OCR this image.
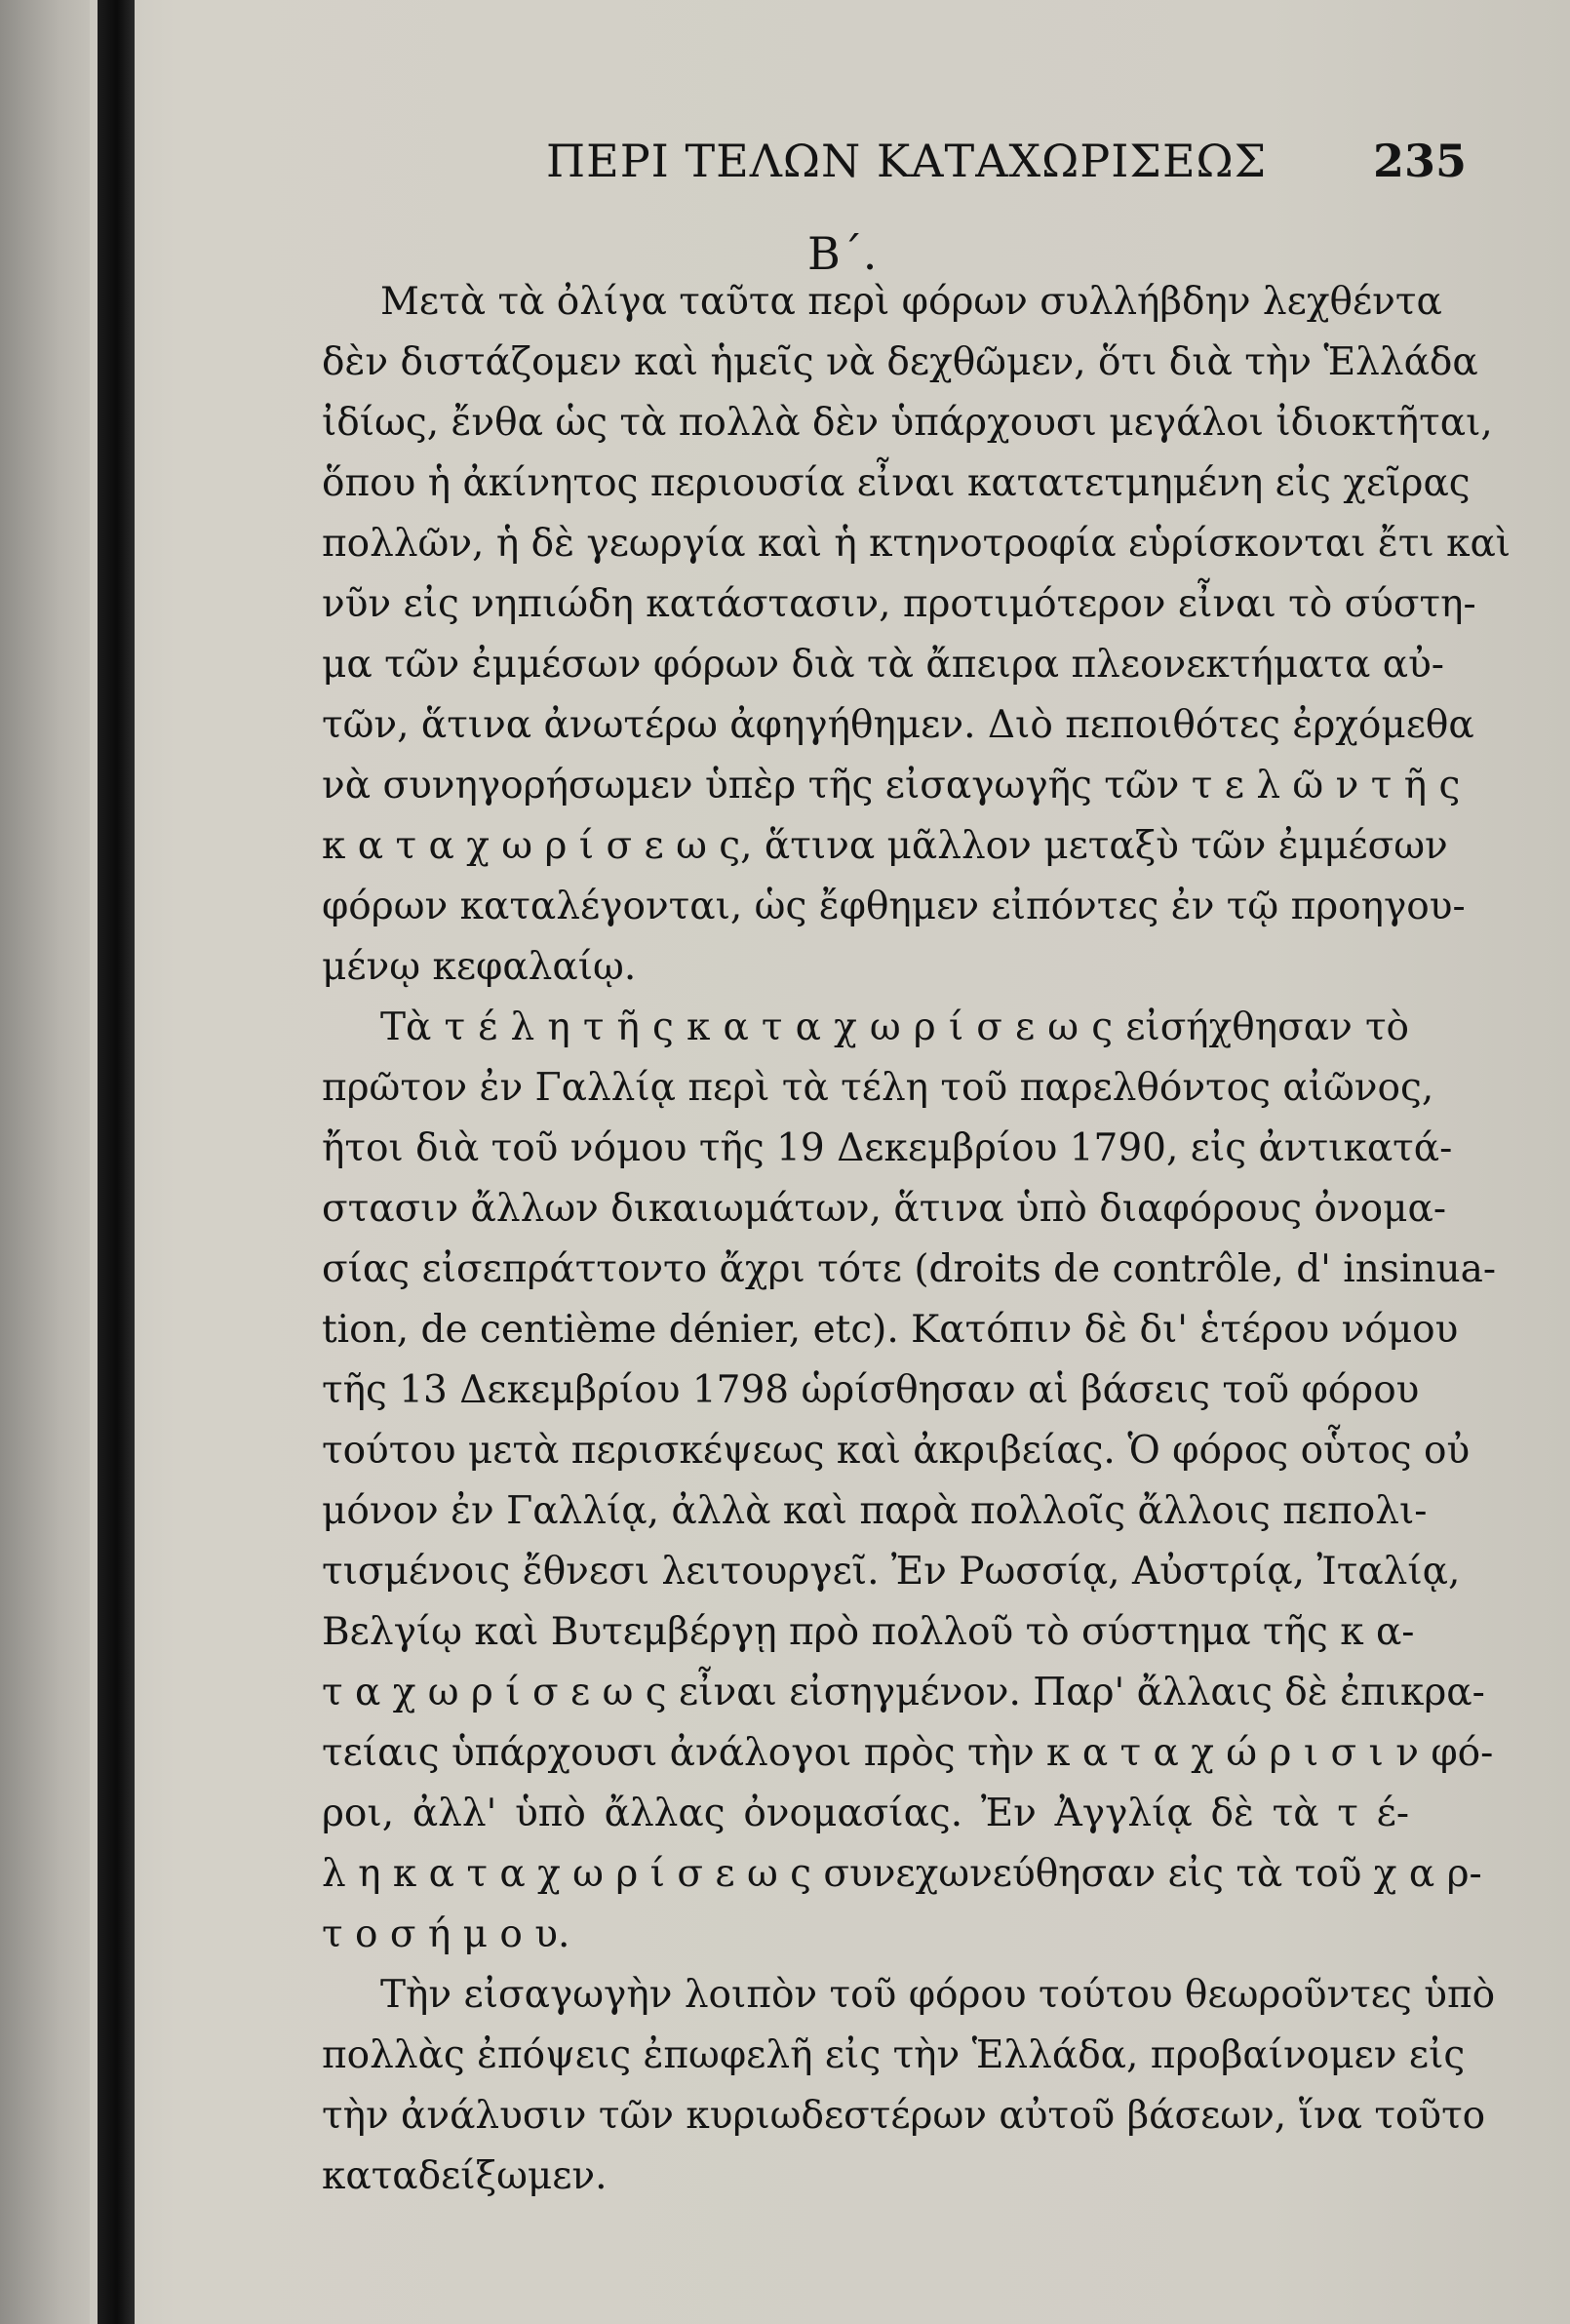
ΠΕΡΙ ΤΕΛΩΝ ΚΑΤΑΧΩΡΙΣΕΩΣ 235
Β΄.
Μετὰ τὰ ὀλίγα ταῦτα περὶ φόρων συλλήβδην λεχθέντα
δὲν διστάζομεν καὶ ἡμεῖς νὰ δεχθῶμεν, ὅτι διὰ τὴν Ἑλλάδα
ἰδίως, ἔνθα ὡς τὰ πολλὰ δὲν ὑπάρχουσι μεγάλοι ἰδιοκτῆται,
ὅπου ἡ ἀκίνητος περιουσία εἶναι κατατετμημένη εἰς χεῖρας
πολλῶν, ἡ δὲ γεωργία καὶ ἡ κτηνοτροφία εὑρίσκονται ἔτι καὶ
νῦν εἰς νηπιώδη κατάστασιν, προτιμότερον εἶναι τὸ σύστη-
μα τῶν ἐμμέσων φόρων διὰ τὰ ἄπειρα πλεονεκτήματα αὐ-
τῶν, ἅτινα ἀνωτέρω ἀφηγήθημεν. Διὸ πεποιθότες ἐρχόμεθα
νὰ συνηγορήσωμεν ὑπὲρ τῆς εἰσαγωγῆς τῶν τ ε λ ῶ ν τ ῆ ς
κ α τ α χ ω ρ ί σ ε ω ς, ἅτινα μᾶλλον μεταξὺ τῶν ἐμμέσων
φόρων καταλέγονται, ὡς ἔφθημεν εἰπόντες ἐν τῷ προηγου-
μένῳ κεφαλαίῳ.
Τὰ τ έ λ η τ ῆ ς κ α τ α χ ω ρ ί σ ε ω ς εἰσήχθησαν τὸ
πρῶτον ἐν Γαλλίᾳ περὶ τὰ τέλη τοῦ παρελθόντος αἰῶνος,
ἤτοι διὰ τοῦ νόμου τῆς 19 Δεκεμβρίου 1790, εἰς ἀντικατά-
στασιν ἄλλων δικαιωμάτων, ἅτινα ὑπὸ διαφόρους ὀνομα-
σίας εἰσεπράττοντο ἄχρι τότε (droits de contrôle, d' insinua-
tion, de centième dénier, etc). Κατόπιν δὲ δι' ἑτέρου νόμου
τῆς 13 Δεκεμβρίου 1798 ὡρίσθησαν αἱ βάσεις τοῦ φόρου
τούτου μετὰ περισκέψεως καὶ ἀκριβείας. Ὁ φόρος οὗτος οὐ
μόνον ἐν Γαλλίᾳ, ἀλλὰ καὶ παρὰ πολλοῖς ἄλλοις πεπολι-
τισμένοις ἔθνεσι λειτουργεῖ. Ἐν Ρωσσίᾳ, Αὐστρίᾳ, Ἰταλίᾳ,
Βελγίῳ καὶ Βυτεμβέργῃ πρὸ πολλοῦ τὸ σύστημα τῆς κ α-
τ α χ ω ρ ί σ ε ω ς εἶναι εἰσηγμένον. Παρ' ἄλλαις δὲ ἐπικρα-
τείαις ὑπάρχουσι ἀνάλογοι πρὸς τὴν κ α τ α χ ώ ρ ι σ ι ν φό-
ροι, ἀλλ' ὑπὸ ἄλλας ὀνομασίας. Ἐν Ἀγγλίᾳ δὲ τὰ τ έ-
λ η κ α τ α χ ω ρ ί σ ε ω ς συνεχωνεύθησαν εἰς τὰ τοῦ χ α ρ-
τ ο σ ή μ ο υ.
Τὴν εἰσαγωγὴν λοιπὸν τοῦ φόρου τούτου θεωροῦντες ὑπὸ
πολλὰς ἐπόψεις ἐπωφελῆ εἰς τὴν Ἑλλάδα, προβαίνομεν εἰς
τὴν ἀνάλυσιν τῶν κυριωδεστέρων αὐτοῦ βάσεων, ἵνα τοῦτο
καταδείξωμεν.
